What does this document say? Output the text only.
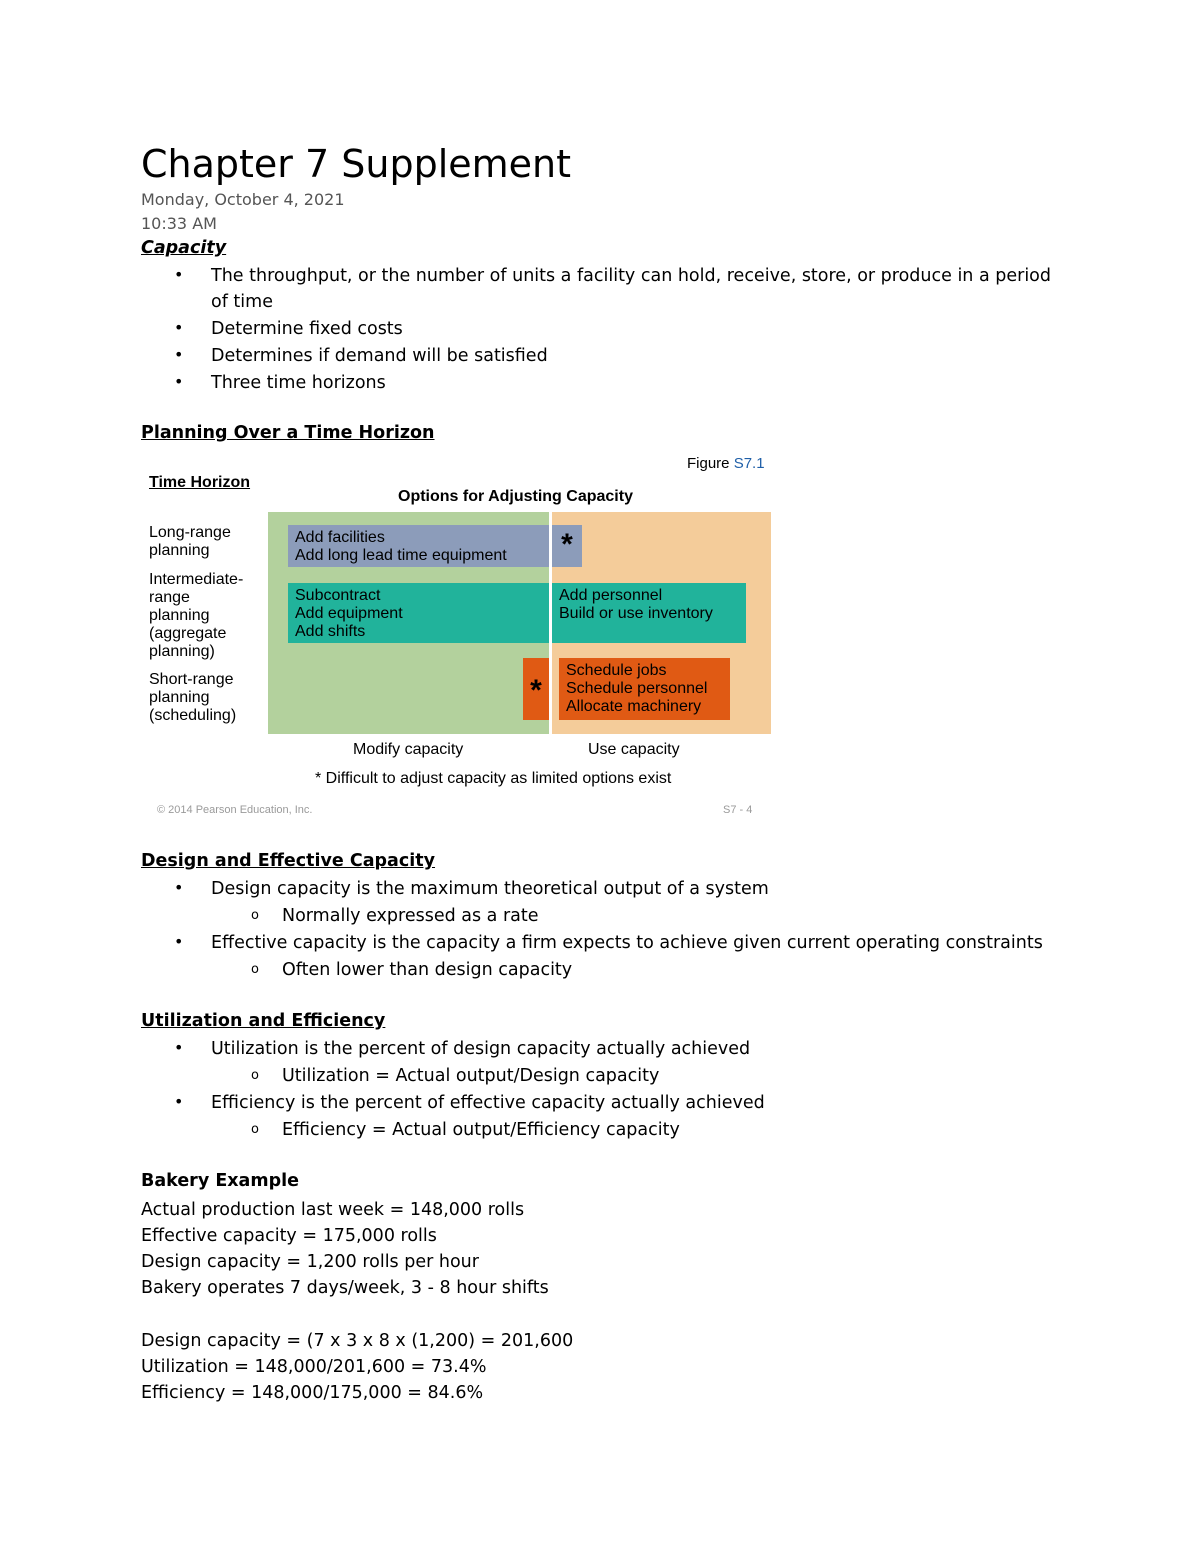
Chapter 7 Supplement
Monday, October 4, 2021
10:33 AM
Capacity
• The throughput, or the number of units a facility can hold, receive, store, or produce in a period
of time
• Determine fixed costs
• Determines if demand will be satisfied
• Three time horizons
Planning Over a Time Horizon
Figure S7.1
Time Horizon
Options for Adjusting Capacity
Long-range
planning
Intermediate-
range
planning
(aggregate
planning)
Short-range
planning
(scheduling)
Add facilities
Add long lead time equipment	*
Subcontract
Add equipment
Add shifts
Add personnel
Build or use inventory
*
Schedule jobs
Schedule personnel
Allocate machinery
Modify capacity	Use capacity
* Difficult to adjust capacity as limited options exist
© 2014 Pearson Education, Inc.	S7 - 4
Design and Effective Capacity
• Design capacity is the maximum theoretical output of a system
o Normally expressed as a rate
• Effective capacity is the capacity a firm expects to achieve given current operating constraints
o Often lower than design capacity
Utilization and Efficiency
• Utilization is the percent of design capacity actually achieved
o Utilization = Actual output/Design capacity
• Efficiency is the percent of effective capacity actually achieved
o Efficiency = Actual output/Efficiency capacity
Bakery Example
Actual production last week = 148,000 rolls
Effective capacity = 175,000 rolls
Design capacity = 1,200 rolls per hour
Bakery operates 7 days/week, 3 - 8 hour shifts
Design capacity = (7 x 3 x 8 x (1,200) = 201,600
Utilization = 148,000/201,600 = 73.4%
Efficiency = 148,000/175,000 = 84.6%
